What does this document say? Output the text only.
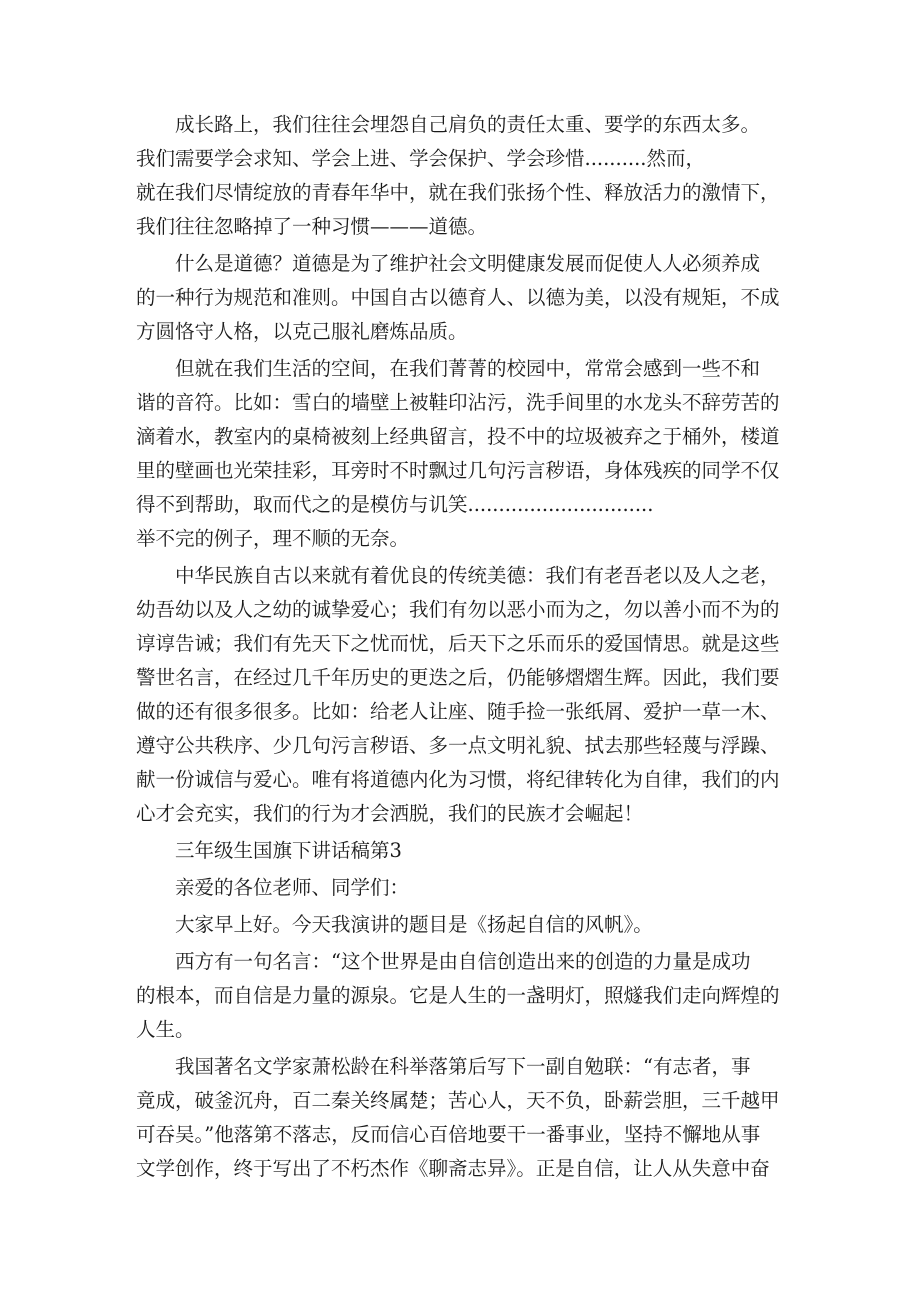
成长路上，我们往往会埋怨自己肩负的责任太重、要学的东西太多。
我们需要学会求知、学会上进、学会保护、学会珍惜..........然而，
就在我们尽情绽放的青春年华中，就在我们张扬个性、释放活力的激情下，
我们往往忽略掉了一种习惯———道德。
什么是道德？道德是为了维护社会文明健康发展而促使人人必须养成
的一种行为规范和准则。中国自古以德育人、以德为美，以没有规矩，不成
方圆恪守人格，以克己服礼磨炼品质。
但就在我们生活的空间，在我们菁菁的校园中，常常会感到一些不和
谐的音符。比如：雪白的墙壁上被鞋印沾污，洗手间里的水龙头不辞劳苦的
滴着水，教室内的桌椅被刻上经典留言，投不中的垃圾被弃之于桶外，楼道
里的壁画也光荣挂彩，耳旁时不时飘过几句污言秽语，身体残疾的同学不仅
得不到帮助，取而代之的是模仿与讥笑..............................
举不完的例子，理不顺的无奈。
中华民族自古以来就有着优良的传统美德：我们有老吾老以及人之老，
幼吾幼以及人之幼的诚挚爱心；我们有勿以恶小而为之，勿以善小而不为的
谆谆告诫；我们有先天下之忧而忧，后天下之乐而乐的爱国情思。就是这些
警世名言，在经过几千年历史的更迭之后，仍能够熠熠生辉。因此，我们要
做的还有很多很多。比如：给老人让座、随手捡一张纸屑、爱护一草一木、
遵守公共秩序、少几句污言秽语、多一点文明礼貌、拭去那些轻蔑与浮躁、
献一份诚信与爱心。唯有将道德内化为习惯，将纪律转化为自律，我们的内
心才会充实，我们的行为才会洒脱，我们的民族才会崛起！
三年级生国旗下讲话稿第3
亲爱的各位老师、同学们：
大家早上好。今天我演讲的题目是《扬起自信的风帆》。
西方有一句名言：“这个世界是由自信创造出来的创造的力量是成功
的根本，而自信是力量的源泉。它是人生的一盏明灯，照燧我们走向辉煌的
人生。
我国著名文学家萧松龄在科举落第后写下一副自勉联：“有志者，事
竟成，破釜沉舟，百二秦关终属楚；苦心人，天不负，卧薪尝胆，三千越甲
可吞吴。”他落第不落志，反而信心百倍地要干一番事业，坚持不懈地从事
文学创作，终于写出了不朽杰作《聊斋志异》。正是自信，让人从失意中奋
